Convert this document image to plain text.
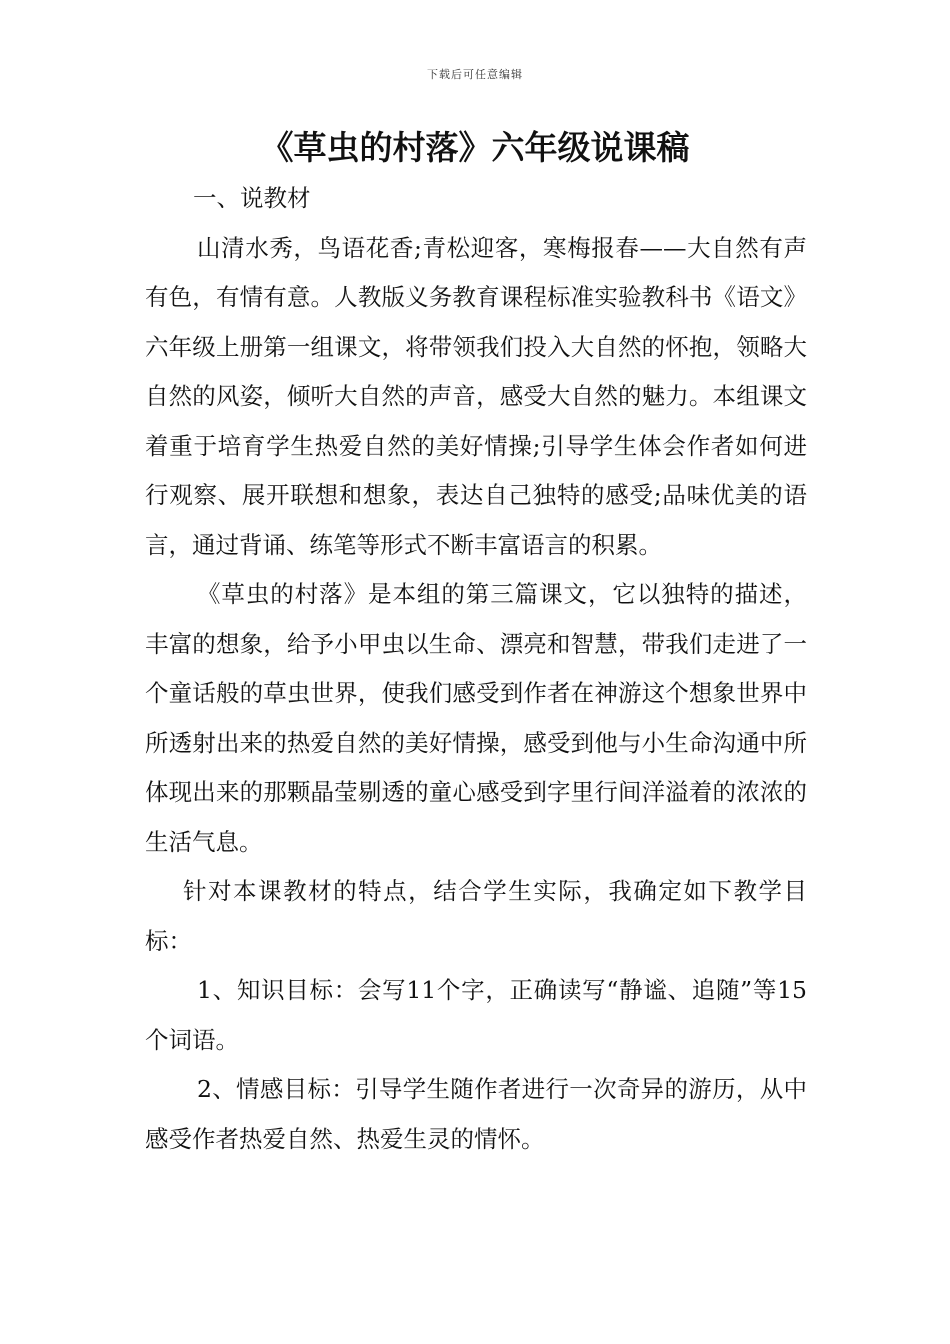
下载后可任意编辑
《草虫的村落》六年级说课稿

一、说教材

山清水秀，鸟语花香;青松迎客，寒梅报春——大自然有声有色，有情有意。人教版义务教育课程标准实验教科书《语文》六年级上册第一组课文，将带领我们投入大自然的怀抱，领略大自然的风姿，倾听大自然的声音，感受大自然的魅力。本组课文着重于培育学生热爱自然的美好情操;引导学生体会作者如何进行观察、展开联想和想象，表达自己独特的感受;品味优美的语言，通过背诵、练笔等形式不断丰富语言的积累。

《草虫的村落》是本组的第三篇课文，它以独特的描述，丰富的想象，给予小甲虫以生命、漂亮和智慧，带我们走进了一个童话般的草虫世界，使我们感受到作者在神游这个想象世界中所透射出来的热爱自然的美好情操，感受到他与小生命沟通中所体现出来的那颗晶莹剔透的童心感受到字里行间洋溢着的浓浓的生活气息。

针对本课教材的特点，结合学生实际，我确定如下教学目标：

1、知识目标：会写11个字，正确读写“静谧、追随”等15个词语。

2、情感目标：引导学生随作者进行一次奇异的游历，从中感受作者热爱自然、热爱生灵的情怀。
